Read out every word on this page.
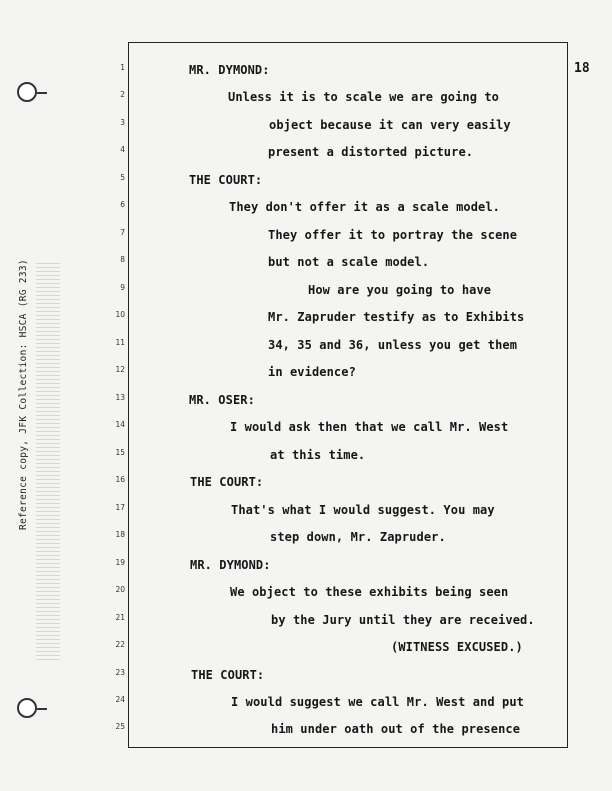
Reference copy, JFK Collection: HSCA (RG 233)
18
1
2
3
4
5
6
7
8
9
10
11
12
13
14
15
16
17
18
19
20
21
22
23
24
25
MR. DYMOND:
Unless it is to scale we are going to
object because it can very easily
present a distorted picture.
THE COURT:
They don't offer it as a scale model.
They offer it to portray the scene
but not a scale model.
How are you going to have
Mr. Zapruder testify as to Exhibits
34, 35 and 36, unless you get them
in evidence?
MR. OSER:
I would ask then that we call Mr. West
at this time.
THE COURT:
That's what I would suggest. You may
step down, Mr. Zapruder.
MR. DYMOND:
We object to these exhibits being seen
by the Jury until they are received.
(WITNESS EXCUSED.)
THE COURT:
I would suggest we call Mr. West and put
him under oath out of the presence
